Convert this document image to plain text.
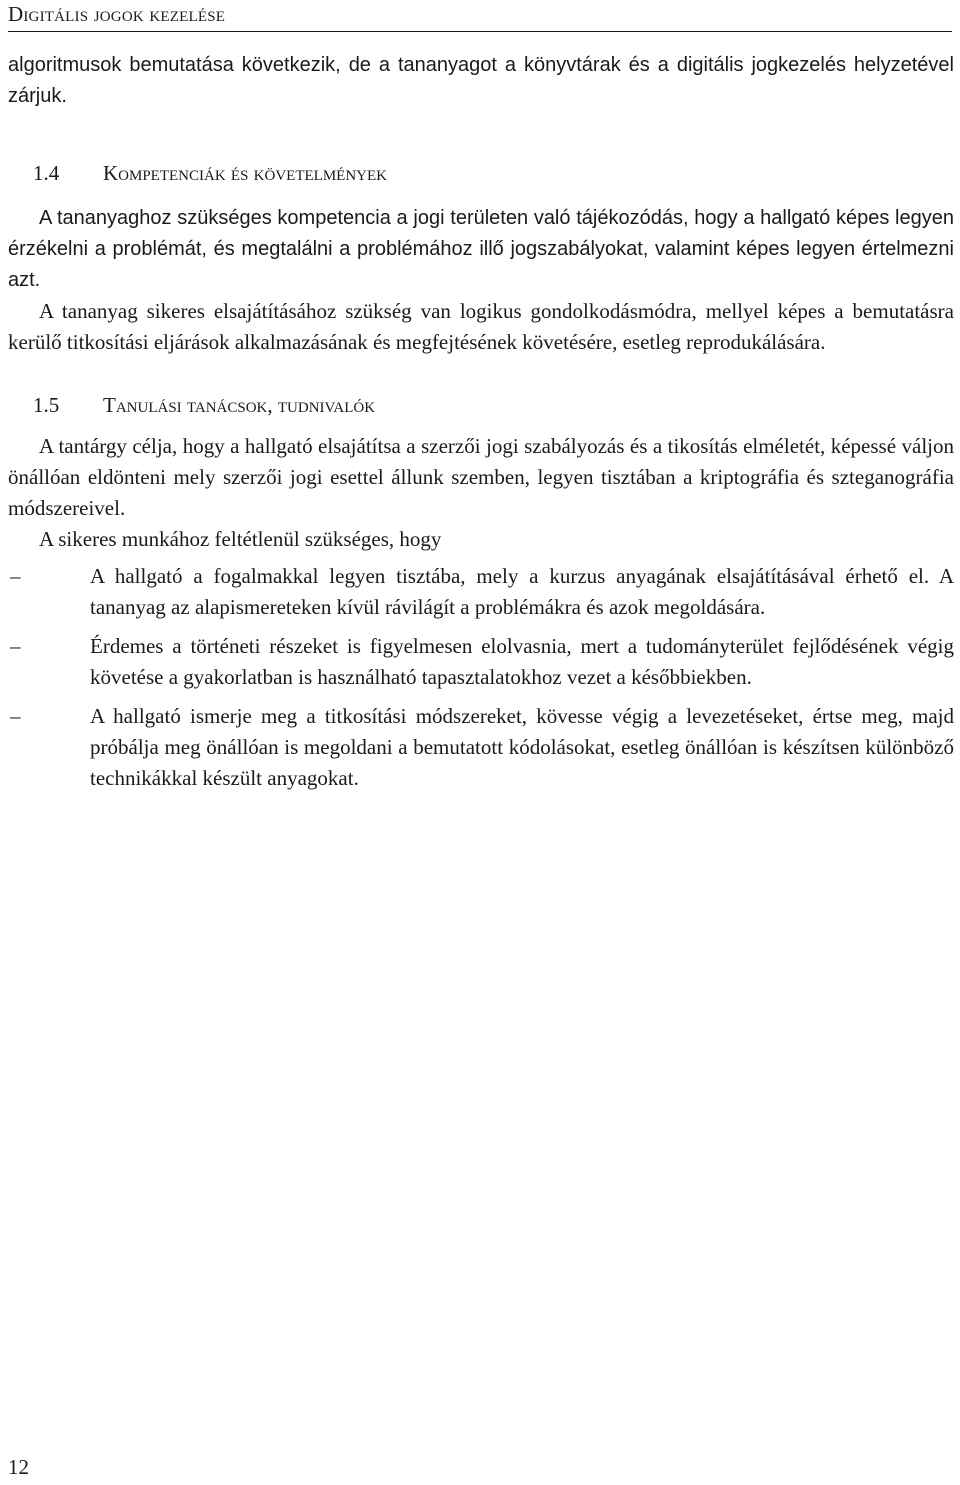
Digitális jogok kezelése

algoritmusok bemutatása következik, de a tananyagot a könyvtárak és a digitális jogkezelés helyzetével zárjuk.

1.4	Kompetenciák és követelmények

A tananyaghoz szükséges kompetencia a jogi területen való tájékozódás, hogy a hallgató képes legyen érzékelni a problémát, és megtalálni a problémához illő jogszabályokat, valamint képes legyen értelmezni azt.

A tananyag sikeres elsajátításához szükség van logikus gondolkodásmódra, mellyel képes a bemutatásra kerülő titkosítási eljárások alkalmazásának és megfejtésének követésére, esetleg reprodukálására.

1.5	Tanulási tanácsok, tudnivalók

A tantárgy célja, hogy a hallgató elsajátítsa a szerzői jogi szabályozás és a tikosítás elméletét, képessé váljon önállóan eldönteni mely szerzői jogi esettel állunk szemben, legyen tisztában a kriptográfia és szteganográfia módszereivel.

A sikeres munkához feltétlenül szükséges, hogy

–	A hallgató a fogalmakkal legyen tisztába, mely a kurzus anyagának elsajátításával érhető el. A tananyag az alapismereteken kívül rávilágít a problémákra és azok megoldására.
–	Érdemes a történeti részeket is figyelmesen elolvasnia, mert a tudományterület fejlődésének végig követése a gyakorlatban is használható tapasztalatokhoz vezet a későbbiekben.
–	A hallgató ismerje meg a titkosítási módszereket, kövesse végig a levezetéseket, értse meg, majd próbálja meg önállóan is megoldani a bemutatott kódolásokat, esetleg önállóan is készítsen különböző technikákkal készült anyagokat.
12
